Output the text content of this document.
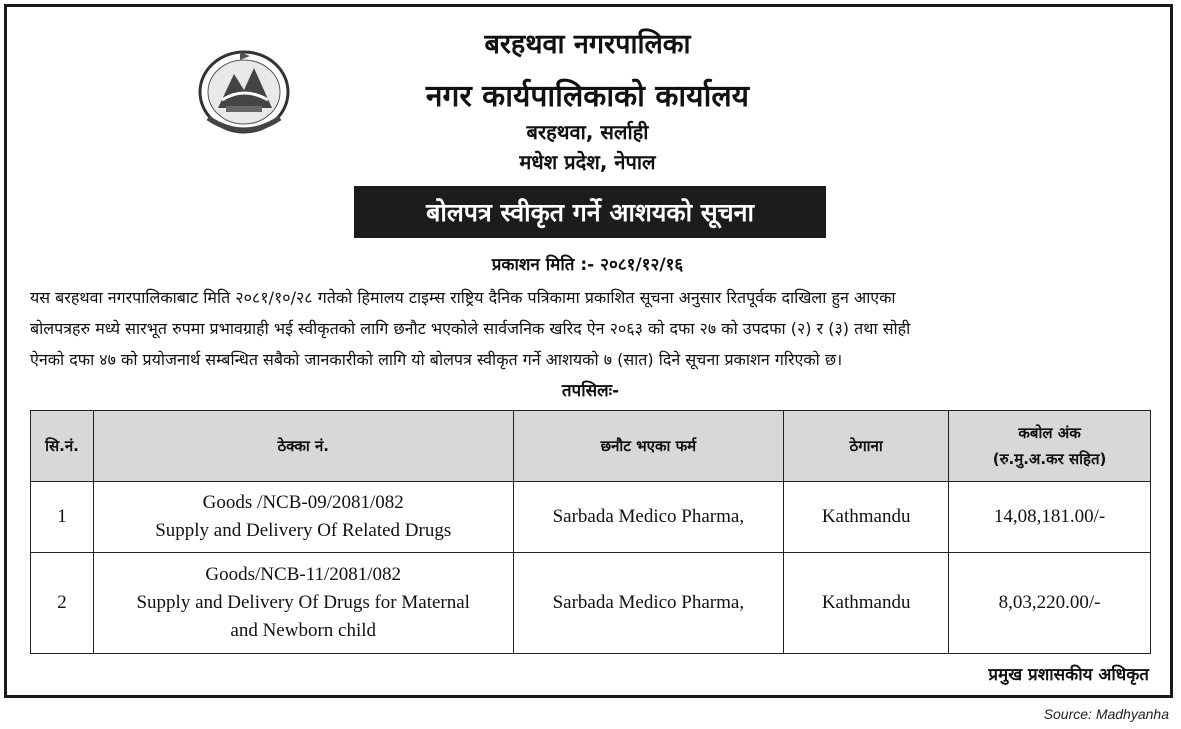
बरहथवा नगरपालिका
नगर कार्यपालिकाको कार्यालय
बरहथवा, सर्लाही
मधेश प्रदेश, नेपाल
बोलपत्र स्वीकृत गर्ने आशयको सूचना
प्रकाशन मिति :- २०८१/१२/१६
यस बरहथवा नगरपालिकाबाट मिति २०८१/१०/२८ गतेको हिमालय टाइम्स राष्ट्रिय दैनिक पत्रिकामा प्रकाशित सूचना अनुसार रितपूर्वक दाखिला हुन आएका
बोलपत्रहरु मध्ये सारभूत रुपमा प्रभावग्राही भई स्वीकृतको लागि छनौट भएकोले सार्वजनिक खरिद ऐन २०६३ को दफा २७ को उपदफा (२) र (३) तथा सोही
ऐनको दफा ४७ को प्रयोजनार्थ सम्बन्धित सबैको जानकारीको लागि यो बोलपत्र स्वीकृत गर्ने आशयको ७ (सात) दिने सूचना प्रकाशन गरिएको छ।
तपसिलः-
सि.नं.	ठेक्का नं.	छनौट भएका फर्म	ठेगाना	कबोल अंक
(रु.मु.अ.कर सहित)

1	Goods /NCB-09/2081/082
Supply and Delivery Of Related Drugs	Sarbada Medico Pharma,	Kathmandu	14,08,181.00/-
2	Goods/NCB-11/2081/082
Supply and Delivery Of Drugs for Maternal
and Newborn child	Sarbada Medico Pharma,	Kathmandu	8,03,220.00/-
प्रमुख प्रशासकीय अधिकृत
Source: Madhyanha
